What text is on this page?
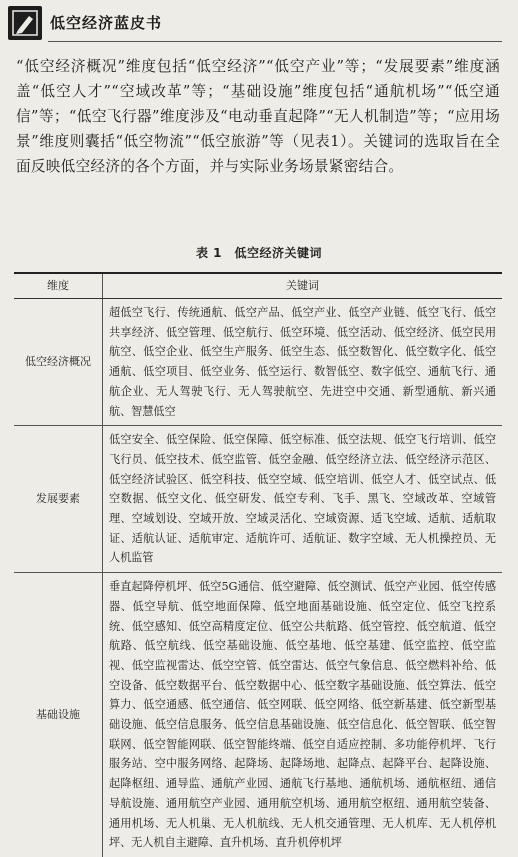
低空经济蓝皮书

“低空经济概况”维度包括“低空经济”“低空产业”等；“发展要素”维度涵盖“低空人才”“空域改革”等；“基础设施”维度包括“通航机场”“低空通信”等；“低空飞行器”维度涉及“电动垂直起降”“无人机制造”等；“应用场景”维度则囊括“低空物流”“低空旅游”等（见表1）。关键词的选取旨在全面反映低空经济的各个方面，并与实际业务场景紧密结合。

表 1　低空经济关键词
维度	关键词
低空经济概况	超低空飞行、传统通航、低空产品、低空产业、低空产业链、低空飞行、低空共享经济、低空管理、低空航行、低空环境、低空活动、低空经济、低空民用航空、低空企业、低空生产服务、低空生态、低空数智化、低空数字化、低空通航、低空项目、低空业务、低空运行、数智低空、数字低空、通航飞行、通航企业、无人驾驶飞行、无人驾驶航空、先进空中交通、新型通航、新兴通航、智慧低空
发展要素	低空安全、低空保险、低空保障、低空标准、低空法规、低空飞行培训、低空飞行员、低空技术、低空监管、低空金融、低空经济立法、低空经济示范区、低空经济试验区、低空科技、低空空域、低空培训、低空人才、低空试点、低空数据、低空文化、低空研发、低空专利、飞手、黑飞、空域改革、空域管理、空域划设、空域开放、空域灵活化、空域资源、适飞空域、适航、适航取证、适航认证、适航审定、适航许可、适航证、数字空域、无人机操控员、无人机监管
基础设施	垂直起降停机坪、低空5G通信、低空避障、低空测试、低空产业园、低空传感器、低空导航、低空地面保障、低空地面基础设施、低空定位、低空飞控系统、低空感知、低空高精度定位、低空公共航路、低空管控、低空航道、低空航路、低空航线、低空基础设施、低空基地、低空基建、低空监控、低空监视、低空监视雷达、低空空管、低空雷达、低空气象信息、低空燃料补给、低空设备、低空数据平台、低空数据中心、低空数字基础设施、低空算法、低空算力、低空通感、低空通信、低空网联、低空网络、低空新基建、低空新型基础设施、低空信息服务、低空信息基础设施、低空信息化、低空智联、低空智联网、低空智能网联、低空智能终端、低空自适应控制、多功能停机坪、飞行服务站、空中服务网络、起降场、起降场地、起降点、起降平台、起降设施、起降枢纽、通导监、通航产业园、通航飞行基地、通航机场、通航枢纽、通信导航设施、通用航空产业园、通用航空机场、通用航空枢纽、通用航空装备、通用机场、无人机巢、无人机航线、无人机交通管理、无人机库、无人机停机坪、无人机自主避障、直升机场、直升机停机坪
